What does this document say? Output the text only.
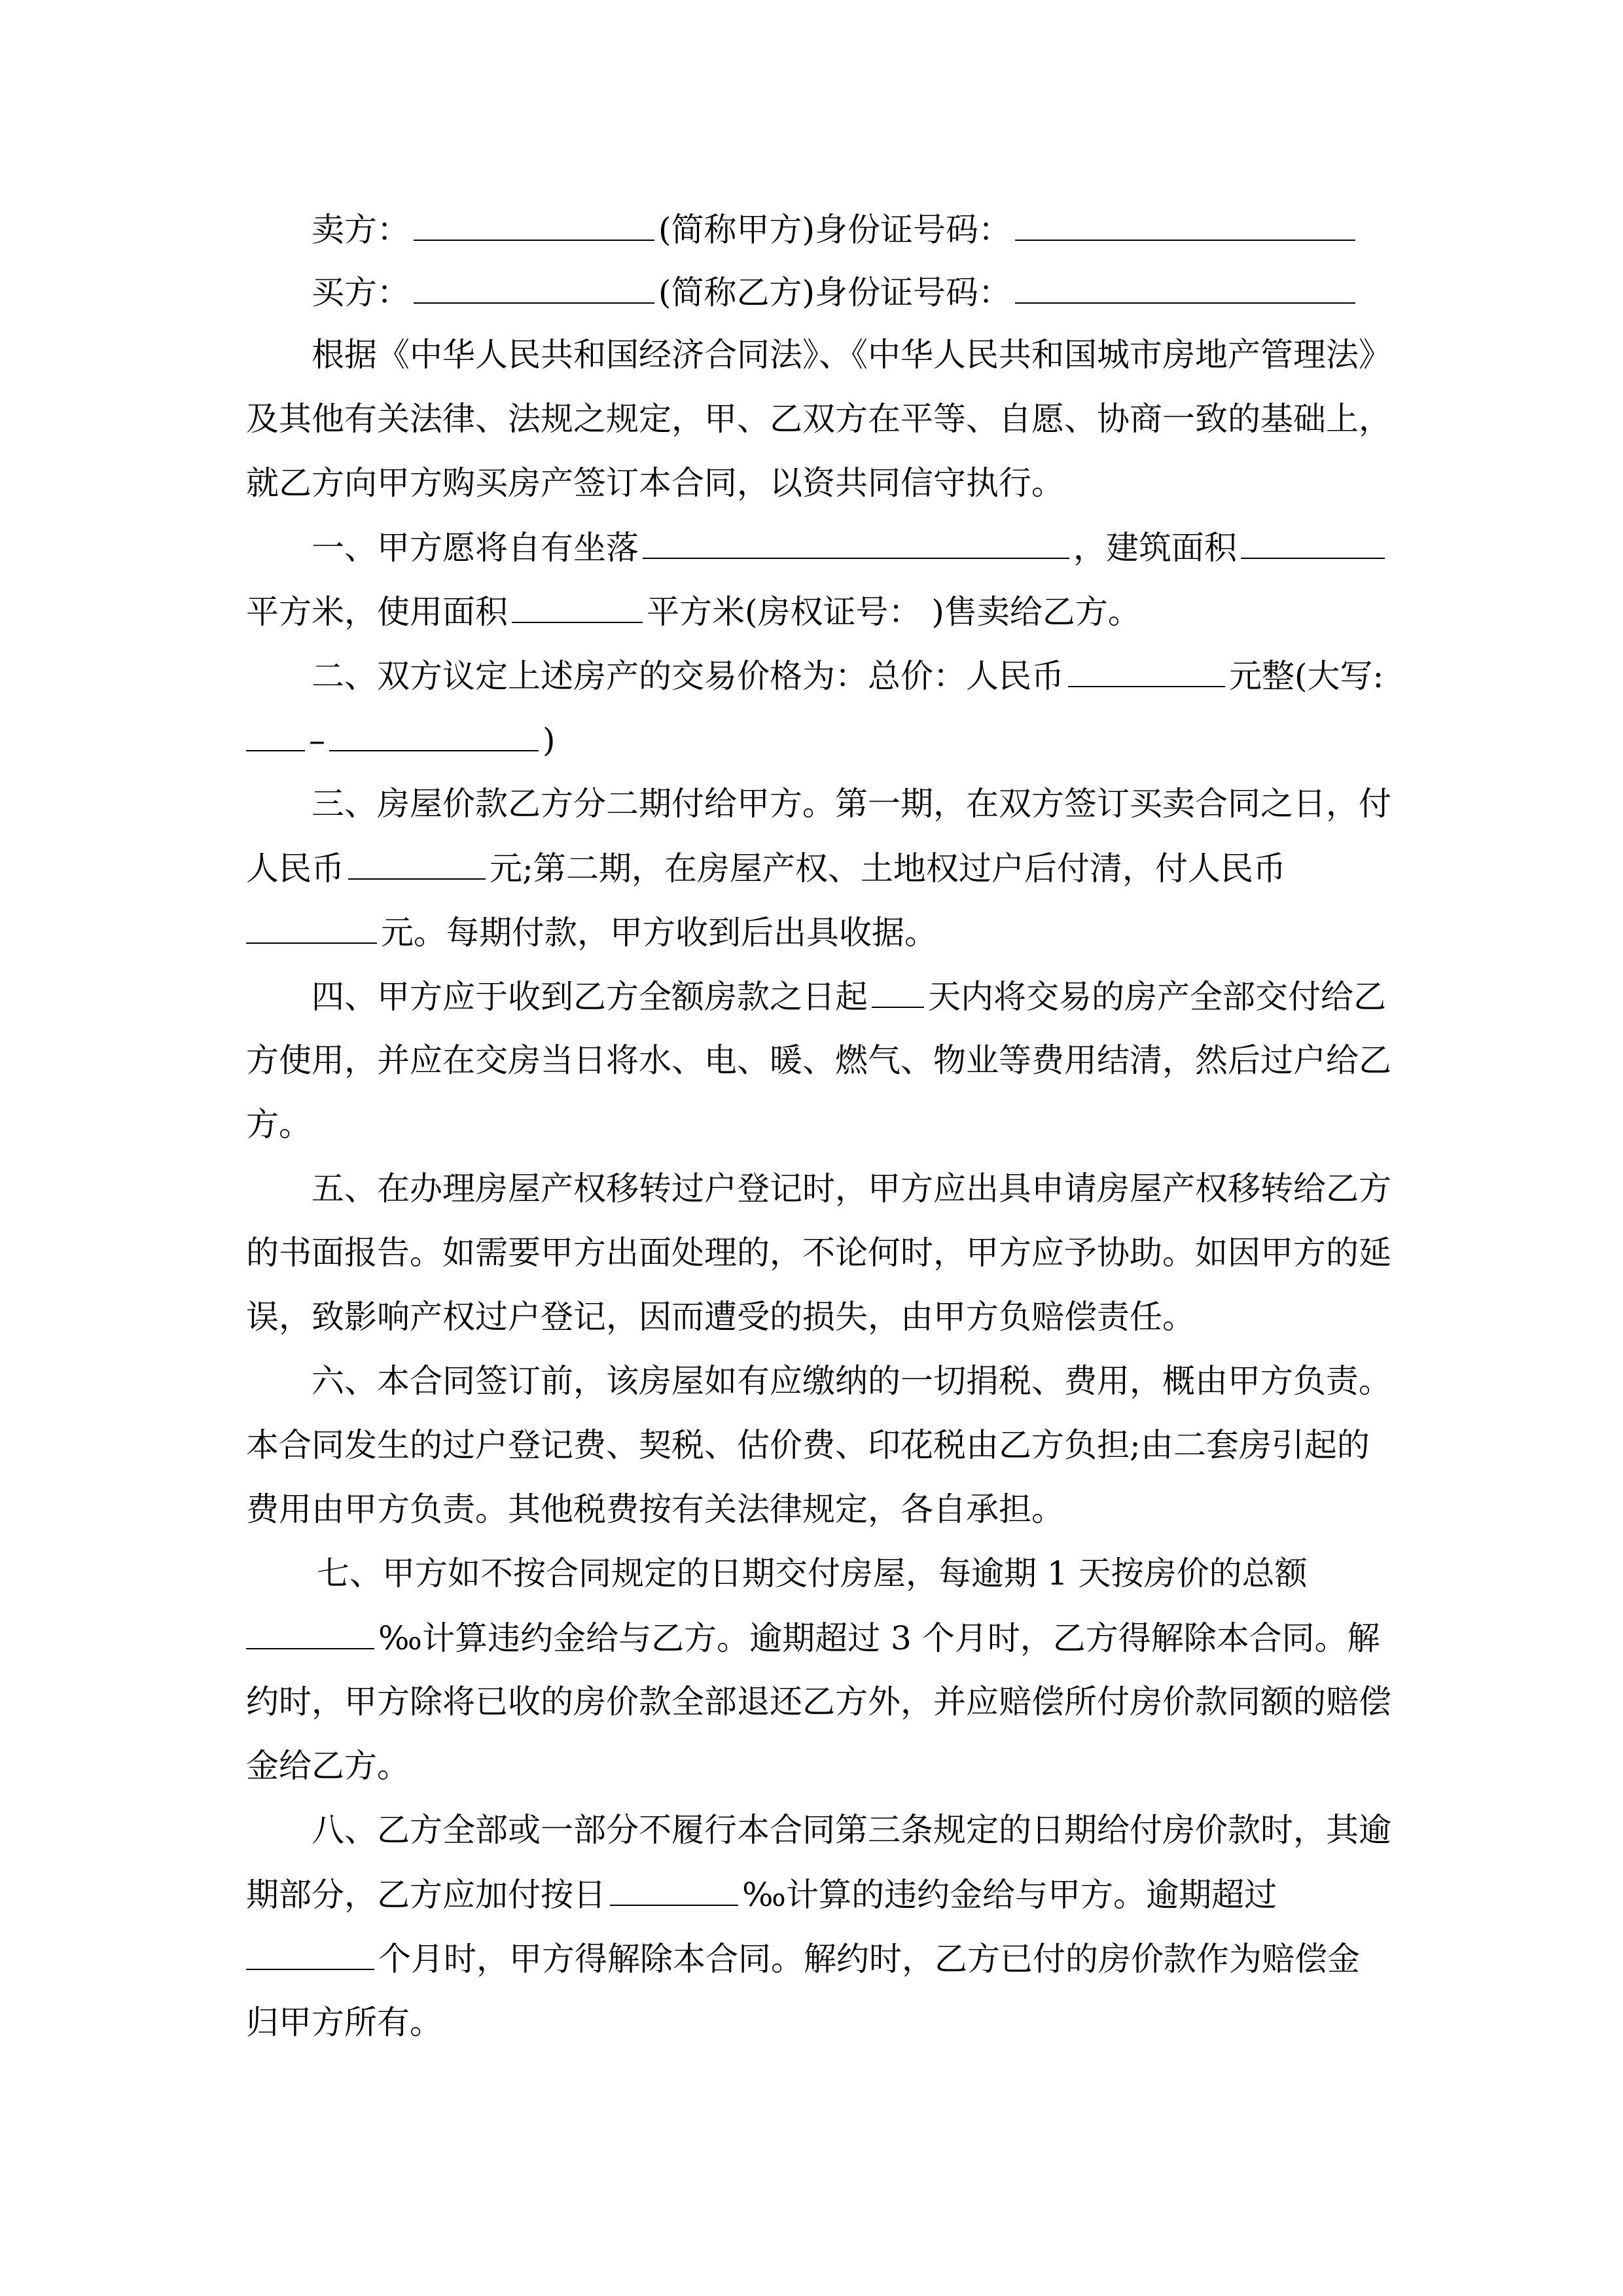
卖方：	(简称甲方)身份证号码：
买方：	(简称乙方)身份证号码：
根据《中华人民共和国经济合同法》、《中华人民共和国城市房地产管理法》
及其他有关法律、法规之规定，甲、乙双方在平等、自愿、协商一致的基础上，
就乙方向甲方购买房产签订本合同，以资共同信守执行。
一、甲方愿将自有坐落	，建筑面积
平方米，使用面积	平方米(房权证号： )售卖给乙方。
二、双方议定上述房产的交易价格为：总价：人民币	元整(大写:
–	)
三、房屋价款乙方分二期付给甲方。第一期，在双方签订买卖合同之日，付
人民币	元;第二期，在房屋产权、土地权过户后付清，付人民币
元。每期付款，甲方收到后出具收据。
四、甲方应于收到乙方全额房款之日起 天内将交易的房产全部交付给乙
方使用，并应在交房当日将水、电、暖、燃气、物业等费用结清，然后过户给乙
方。
五、在办理房屋产权移转过户登记时，甲方应出具申请房屋产权移转给乙方
的书面报告。如需要甲方出面处理的，不论何时，甲方应予协助。如因甲方的延
误，致影响产权过户登记，因而遭受的损失，由甲方负赔偿责任。
六、本合同签订前，该房屋如有应缴纳的一切捐税、费用，概由甲方负责。
本合同发生的过户登记费、契税、估价费、印花税由乙方负担;由二套房引起的
费用由甲方负责。其他税费按有关法律规定，各自承担。
七、甲方如不按合同规定的日期交付房屋，每逾期 1 天按房价的总额
‰计算违约金给与乙方。逾期超过 3 个月时，乙方得解除本合同。解
约时，甲方除将已收的房价款全部退还乙方外，并应赔偿所付房价款同额的赔偿
金给乙方。
八、乙方全部或一部分不履行本合同第三条规定的日期给付房价款时，其逾
期部分，乙方应加付按日	‰计算的违约金给与甲方。逾期超过
个月时，甲方得解除本合同。解约时，乙方已付的房价款作为赔偿金
归甲方所有。
